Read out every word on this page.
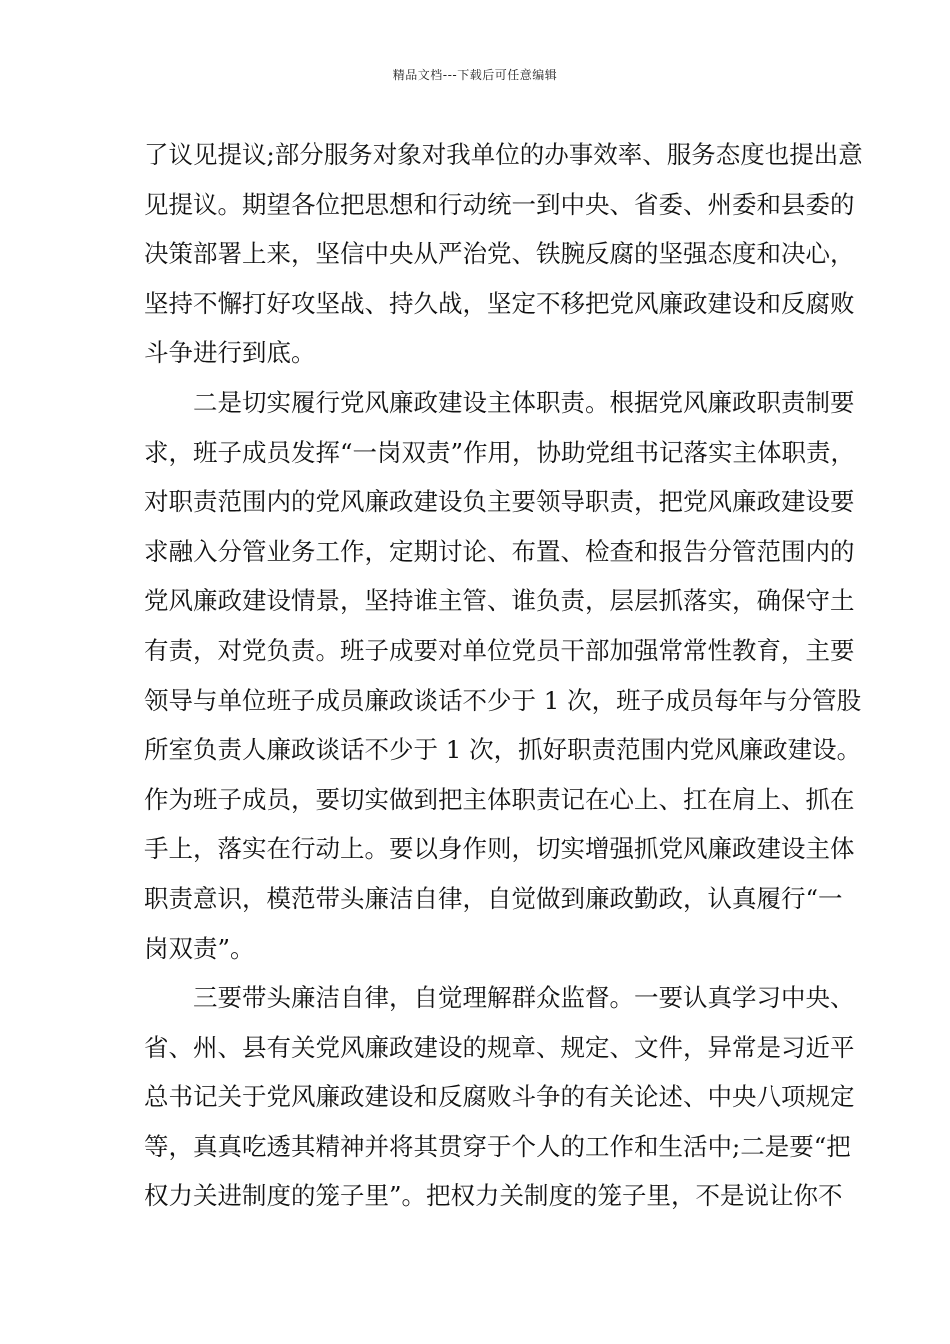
精品文档---下载后可任意编辑
了议见提议;部分服务对象对我单位的办事效率、服务态度也提出意
见提议。期望各位把思想和行动统一到中央、省委、州委和县委的
决策部署上来，坚信中央从严治党、铁腕反腐的坚强态度和决心，
坚持不懈打好攻坚战、持久战，坚定不移把党风廉政建设和反腐败
斗争进行到底。
二是切实履行党风廉政建设主体职责。根据党风廉政职责制要
求，班子成员发挥“一岗双责”作用，协助党组书记落实主体职责，
对职责范围内的党风廉政建设负主要领导职责，把党风廉政建设要
求融入分管业务工作，定期讨论、布置、检查和报告分管范围内的
党风廉政建设情景，坚持谁主管、谁负责，层层抓落实，确保守土
有责，对党负责。班子成要对单位党员干部加强常常性教育，主要
领导与单位班子成员廉政谈话不少于 1 次，班子成员每年与分管股
所室负责人廉政谈话不少于 1 次，抓好职责范围内党风廉政建设。
作为班子成员，要切实做到把主体职责记在心上、扛在肩上、抓在
手上，落实在行动上。要以身作则，切实增强抓党风廉政建设主体
职责意识，模范带头廉洁自律，自觉做到廉政勤政，认真履行“一
岗双责”。
三要带头廉洁自律，自觉理解群众监督。一要认真学习中央、
省、州、县有关党风廉政建设的规章、规定、文件，异常是习近平
总书记关于党风廉政建设和反腐败斗争的有关论述、中央八项规定
等，真真吃透其精神并将其贯穿于个人的工作和生活中;二是要“把
权力关进制度的笼子里”。把权力关制度的笼子里，不是说让你不
